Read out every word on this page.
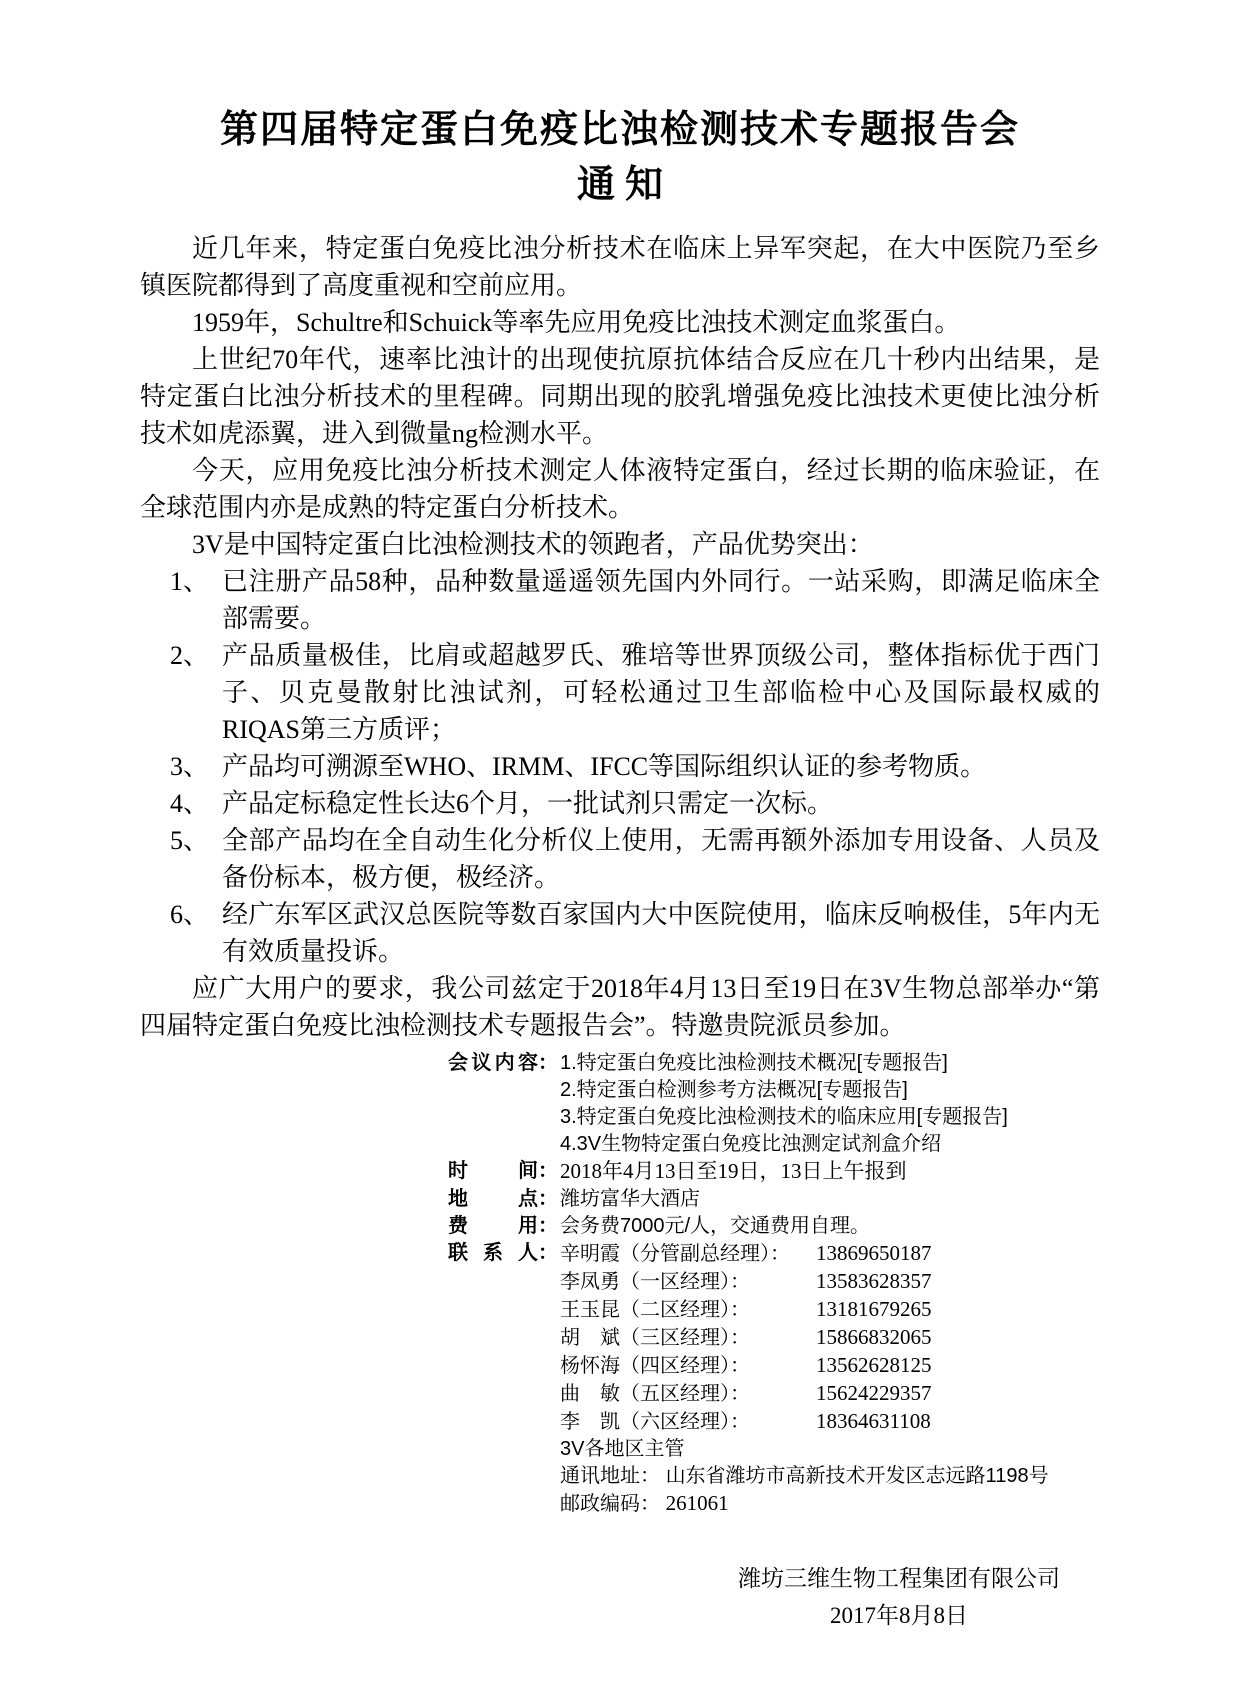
第四届特定蛋白免疫比浊检测技术专题报告会
通知

近几年来，特定蛋白免疫比浊分析技术在临床上异军突起，在大中医院乃至乡镇医院都得到了高度重视和空前应用。

1959年，Schultre和Schuick等率先应用免疫比浊技术测定血浆蛋白。

上世纪70年代，速率比浊计的出现使抗原抗体结合反应在几十秒内出结果，是特定蛋白比浊分析技术的里程碑。同期出现的胶乳增强免疫比浊技术更使比浊分析技术如虎添翼，进入到微量ng检测水平。

今天，应用免疫比浊分析技术测定人体液特定蛋白，经过长期的临床验证，在全球范围内亦是成熟的特定蛋白分析技术。

3V是中国特定蛋白比浊检测技术的领跑者，产品优势突出：

1、 已注册产品58种，品种数量遥遥领先国内外同行。一站采购，即满足临床全部需要。
2、 产品质量极佳，比肩或超越罗氏、雅培等世界顶级公司，整体指标优于西门子、贝克曼散射比浊试剂，可轻松通过卫生部临检中心及国际最权威的RIQAS第三方质评；
3、 产品均可溯源至WHO、IRMM、IFCC等国际组织认证的参考物质。
4、 产品定标稳定性长达6个月，一批试剂只需定一次标。
5、 全部产品均在全自动生化分析仪上使用，无需再额外添加专用设备、人员及备份标本，极方便，极经济。
6、 经广东军区武汉总医院等数百家国内大中医院使用，临床反响极佳，5年内无有效质量投诉。

应广大用户的要求，我公司兹定于2018年4月13日至19日在3V生物总部举办“第四届特定蛋白免疫比浊检测技术专题报告会”。特邀贵院派员参加。

会议内容 ： 1.特定蛋白免疫比浊检测技术概况[专题报告]
2.特定蛋白检测参考方法概况[专题报告]
3.特定蛋白免疫比浊检测技术的临床应用[专题报告]
4.3V生物特定蛋白免疫比浊测定试剂盒介绍
时间 ： 2018年4月13日至19日，13日上午报到
地点 ： 潍坊富华大酒店
费用 ： 会务费7000元/人，交通费用自理。
联系人 ： 辛明霞（分管副总经理）： 13869650187
李凤勇（一区经理）：	13583628357
王玉昆（二区经理）：	13181679265
胡　斌（三区经理）：	15866832065
杨怀海（四区经理）：	13562628125
曲　敏（五区经理）：	15624229357
李　凯（六区经理）：	18364631108
3V各地区主管
通讯地址： 山东省潍坊市高新技术开发区志远路1198号
邮政编码： 261061
潍坊三维生物工程集团有限公司
2017年8月8日
